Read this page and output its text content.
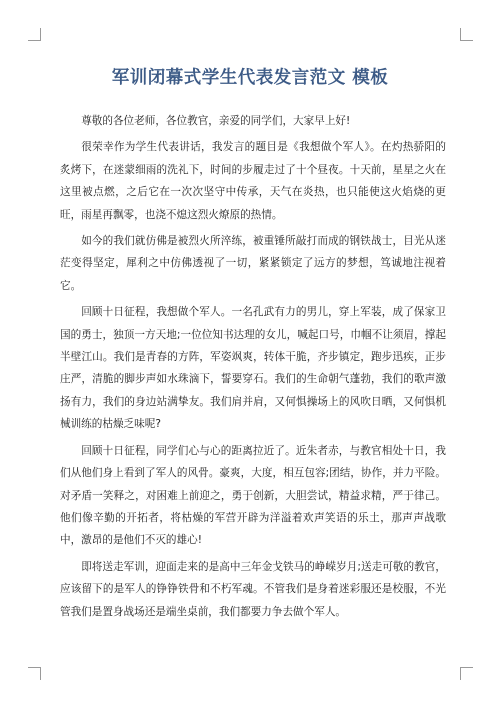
军训闭幕式学生代表发言范文 模板

尊敬的各位老师，各位教官，亲爱的同学们，大家早上好!

很荣幸作为学生代表讲话，我发言的题目是《我想做个军人》。在灼热骄阳的炙烤下，在迷蒙细雨的洗礼下，时间的步履走过了十个昼夜。十天前，星星之火在这里被点燃，之后它在一次次坚守中传承，天气在炎热，也只能使这火焰烧的更旺，雨星再飘零，也浇不熄这烈火燎原的热情。

如今的我们就仿佛是被烈火所淬练，被重锤所敲打而成的钢铁战士，目光从迷茫变得坚定，犀利之中仿佛透视了一切，紧紧锁定了远方的梦想，笃诚地注视着它。

回顾十日征程，我想做个军人。一名孔武有力的男儿，穿上军装，成了保家卫国的勇士，独顶一方天地;一位位知书达理的女儿，喊起口号，巾帼不让须眉，撑起半壁江山。我们是青春的方阵，军姿飒爽，转体干脆，齐步镇定，跑步迅疾，正步庄严，清脆的脚步声如水珠滴下，誓要穿石。我们的生命朝气蓬勃，我们的歌声激扬有力，我们的身边站满挚友。我们肩并肩，又何惧操场上的风吹日晒，又何惧机械训练的枯燥乏味呢?

回顾十日征程，同学们心与心的距离拉近了。近朱者赤，与教官相处十日，我们从他们身上看到了军人的风骨。豪爽，大度，相互包容;团结，协作，并力平险。对矛盾一笑释之，对困难上前迎之，勇于创新，大胆尝试，精益求精，严于律己。他们像辛勤的开拓者，将枯燥的军营开辟为洋溢着欢声笑语的乐土，那声声战歌中，激昂的是他们不灭的雄心!

即将送走军训，迎面走来的是高中三年金戈铁马的峥嵘岁月;送走可敬的教官，应该留下的是军人的铮铮铁骨和不朽军魂。不管我们是身着迷彩服还是校服，不光管我们是置身战场还是端坐桌前，我们都要力争去做个军人。
